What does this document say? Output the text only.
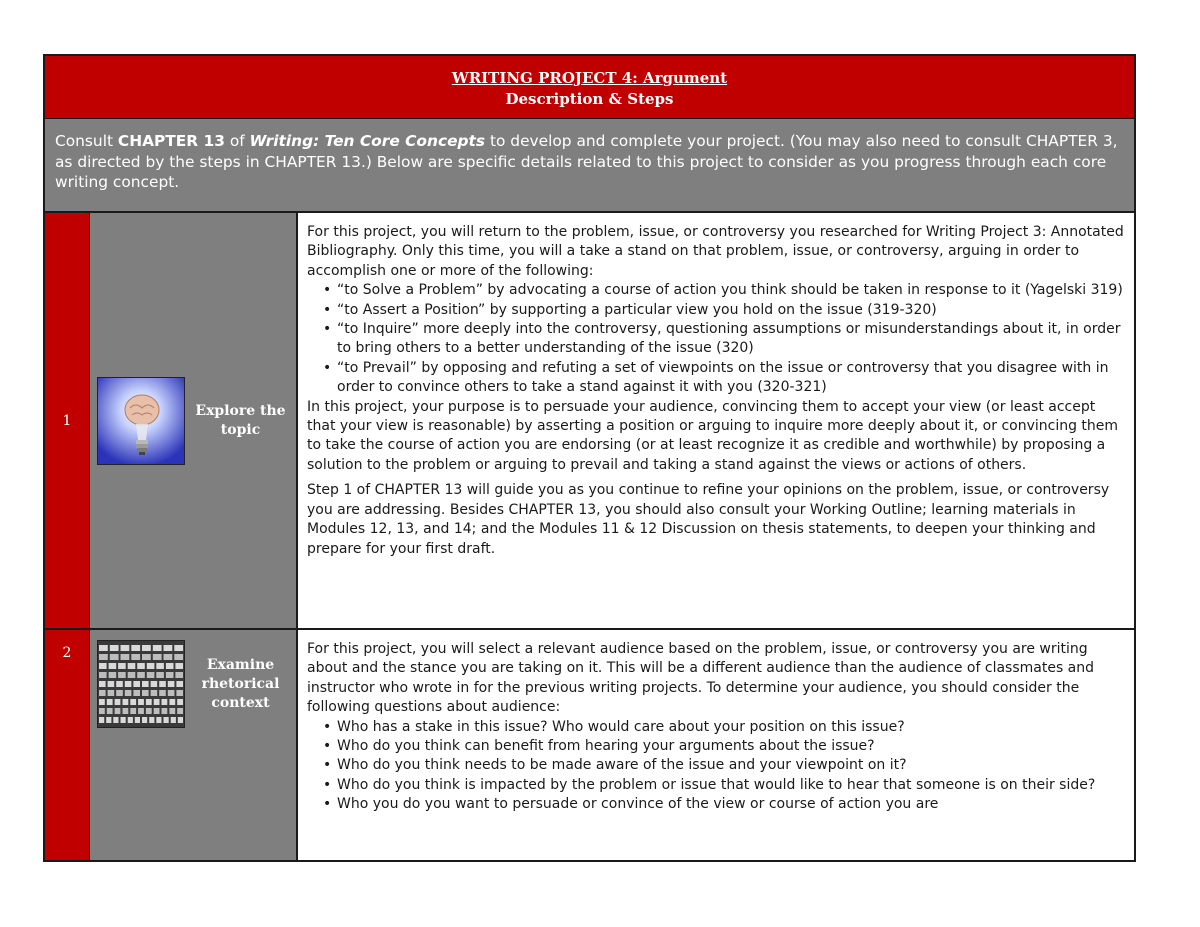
WRITING PROJECT 4: Argument
Description & Steps
Consult CHAPTER 13 of Writing: Ten Core Concepts to develop and complete your project. (You may also need to consult CHAPTER 3, as directed by the steps in CHAPTER 13.) Below are specific details related to this project to consider as you progress through each core writing concept.
1
Explore the topic

For this project, you will return to the problem, issue, or controversy you researched for Writing Project 3: Annotated Bibliography. Only this time, you will a take a stand on that problem, issue, or controversy, arguing in order to accomplish one or more of the following:

• “to Solve a Problem” by advocating a course of action you think should be taken in response to it (Yagelski 319)
• “to Assert a Position” by supporting a particular view you hold on the issue (319-320)
• “to Inquire” more deeply into the controversy, questioning assumptions or misunderstandings about it, in order to bring others to a better understanding of the issue (320)
• “to Prevail” by opposing and refuting a set of viewpoints on the issue or controversy that you disagree with in order to convince others to take a stand against it with you (320-321)

In this project, your purpose is to persuade your audience, convincing them to accept your view (or least accept that your view is reasonable) by asserting a position or arguing to inquire more deeply about it, or convincing them to take the course of action you are endorsing (or at least recognize it as credible and worthwhile) by proposing a solution to the problem or arguing to prevail and taking a stand against the views or actions of others.

Step 1 of CHAPTER 13 will guide you as you continue to refine your opinions on the problem, issue, or controversy you are addressing. Besides CHAPTER 13, you should also consult your Working Outline; learning materials in Modules 12, 13, and 14; and the Modules 11 & 12 Discussion on thesis statements, to deepen your thinking and prepare for your first draft.

2
Examine rhetorical context

For this project, you will select a relevant audience based on the problem, issue, or controversy you are writing about and the stance you are taking on it. This will be a different audience than the audience of classmates and instructor who wrote in for the previous writing projects. To determine your audience, you should consider the following questions about audience:

• Who has a stake in this issue? Who would care about your position on this issue?
• Who do you think can benefit from hearing your arguments about the issue?
• Who do you think needs to be made aware of the issue and your viewpoint on it?
• Who do you think is impacted by the problem or issue that would like to hear that someone is on their side?
• Who you do you want to persuade or convince of the view or course of action you are
